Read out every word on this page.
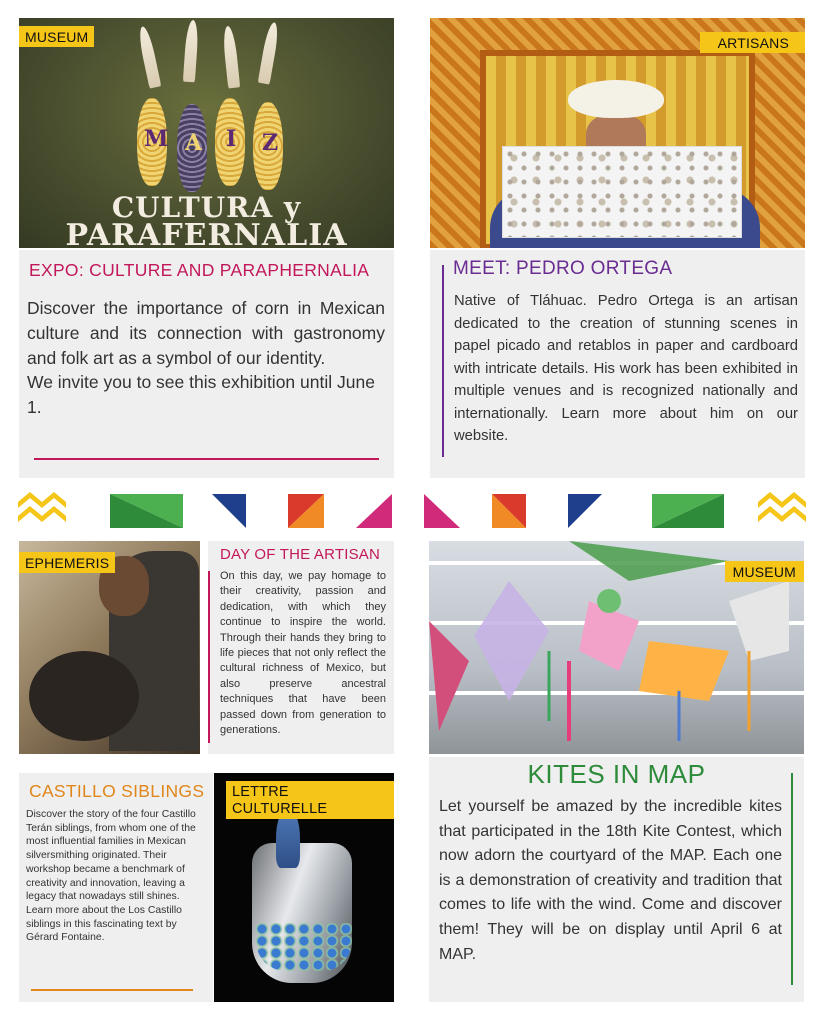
M A I Z
CULTURA y
PARAFERNALIA
MUSEUM	ARTISANS
EXPO: CULTURE AND PARAPHERNALIA
Discover the importance of corn in Mexican culture and its connection with gastronomy and folk art as a symbol of our identity.

We invite you to see this exhibition until June 1.
MEET: PEDRO ORTEGA
Native of Tláhuac. Pedro Ortega is an artisan dedicated to the creation of stunning scenes in papel picado and retablos in paper and cardboard with intricate details. His work has been exhibited in multiple venues and is recognized nationally and internationally. Learn more about him on our website.
EPHEMERIS	DAY OF THE ARTISAN
On this day, we pay homage to their creativity, passion and dedication, with which they continue to inspire the world. Through their hands they bring to life pieces that not only reflect the cultural richness of Mexico, but also preserve ancestral techniques that have been passed down from generation to generations.
MUSEUM
CASTILLO SIBLINGS
Discover the story of the four Castillo Terán siblings, from whom one of the most influential families in Mexican silversmithing originated. Their workshop became a benchmark of creativity and innovation, leaving a legacy that nowadays still shines.
Learn more about the Los Castillo siblings in this fascinating text by Gérard Fontaine.
LETTRE CULTURELLE
KITES IN MAP
Let yourself be amazed by the incredible kites that participated in the 18th Kite Contest, which now adorn the courtyard of the MAP. Each one is a demonstration of creativity and tradition that comes to life with the wind. Come and discover them! They will be on display until April 6 at MAP.
